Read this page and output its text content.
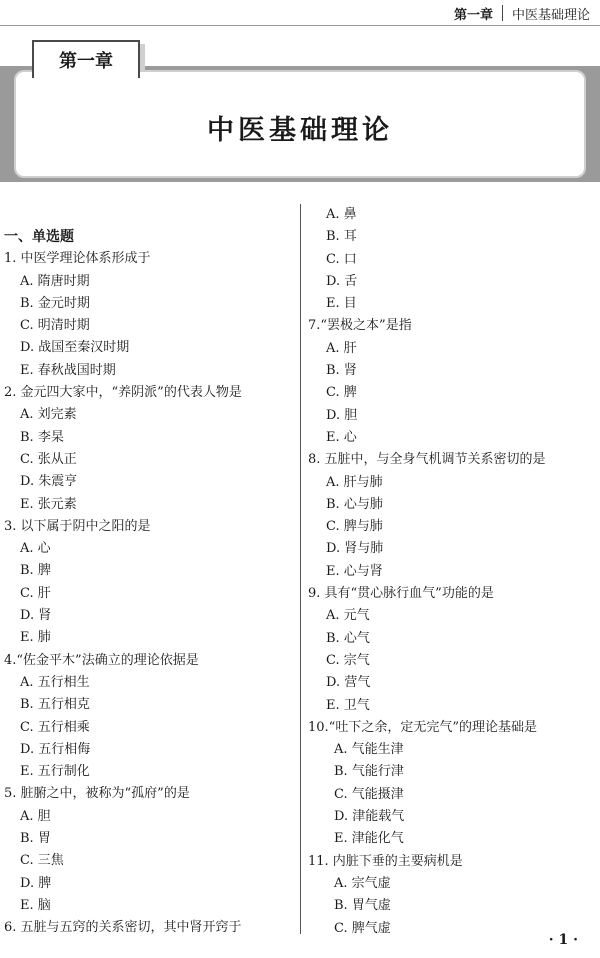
第一章 中医基础理论
中医基础理论
第一章
一、单选题
1. 中医学理论体系形成于
A. 隋唐时期
B. 金元时期
C. 明清时期
D. 战国至秦汉时期
E. 春秋战国时期
2. 金元四大家中，“养阴派”的代表人物是
A. 刘完素
B. 李杲
C. 张从正
D. 朱震亨
E. 张元素
3. 以下属于阴中之阳的是
A. 心
B. 脾
C. 肝
D. 肾
E. 肺
4.“佐金平木”法确立的理论依据是
A. 五行相生
B. 五行相克
C. 五行相乘
D. 五行相侮
E. 五行制化
5. 脏腑之中，被称为“孤府”的是
A. 胆
B. 胃
C. 三焦
D. 脾
E. 脑
6. 五脏与五窍的关系密切，其中肾开窍于
A. 鼻
B. 耳
C. 口
D. 舌
E. 目
7.“罢极之本”是指
A. 肝
B. 肾
C. 脾
D. 胆
E. 心
8. 五脏中，与全身气机调节关系密切的是
A. 肝与肺
B. 心与肺
C. 脾与肺
D. 肾与肺
E. 心与肾
9. 具有“贯心脉行血气”功能的是
A. 元气
B. 心气
C. 宗气
D. 营气
E. 卫气
10.“吐下之余，定无完气”的理论基础是
A. 气能生津
B. 气能行津
C. 气能摄津
D. 津能载气
E. 津能化气
11. 内脏下垂的主要病机是
A. 宗气虚
B. 胃气虚
C. 脾气虚
· 1 ·
